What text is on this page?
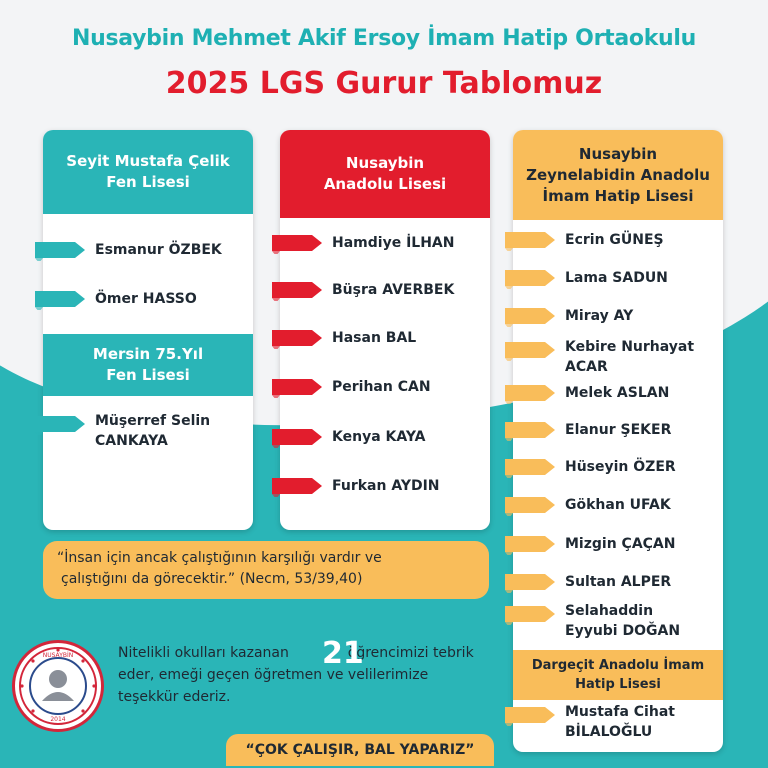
Nusaybin Mehmet Akif Ersoy İmam Hatip Ortaokulu
2025 LGS Gurur Tablomuz
Seyit Mustafa Çelik
Fen Lisesi
Mersin 75.Yıl
Fen Lisesi
Nusaybin
Anadolu Lisesi
Nusaybin
Zeynelabidin Anadolu
İmam Hatip Lisesi
Dargeçit Anadolu İmam
Hatip Lisesi
Esmanur ÖZBEK
Ömer HASSO
Müşerref Selin
CANKAYA
Hamdiye İLHAN
Büşra AVERBEK
Hasan BAL
Perihan CAN
Kenya KAYA
Furkan AYDIN
Ecrin GÜNEŞ
Lama SADUN
Miray AY
Kebire Nurhayat
ACAR
Melek ASLAN
Elanur ŞEKER
Hüseyin ÖZER
Gökhan UFAK
Mizgin ÇAÇAN
Sultan ALPER
Selahaddin
Eyyubi DOĞAN
Mustafa Cihat
BİLALOĞLU
“İnsan için ancak çalıştığının karşılığı vardır ve
çalıştığını da görecektir.” (Necm, 53/39,40)
NUSAYBİN
2014
Nitelikli okulları kazanan	öğrencimizi tebrik
eder, emeği geçen öğretmen ve velilerimize
teşekkür ederiz.
21
“ÇOK ÇALIŞIR, BAL YAPARIZ”
